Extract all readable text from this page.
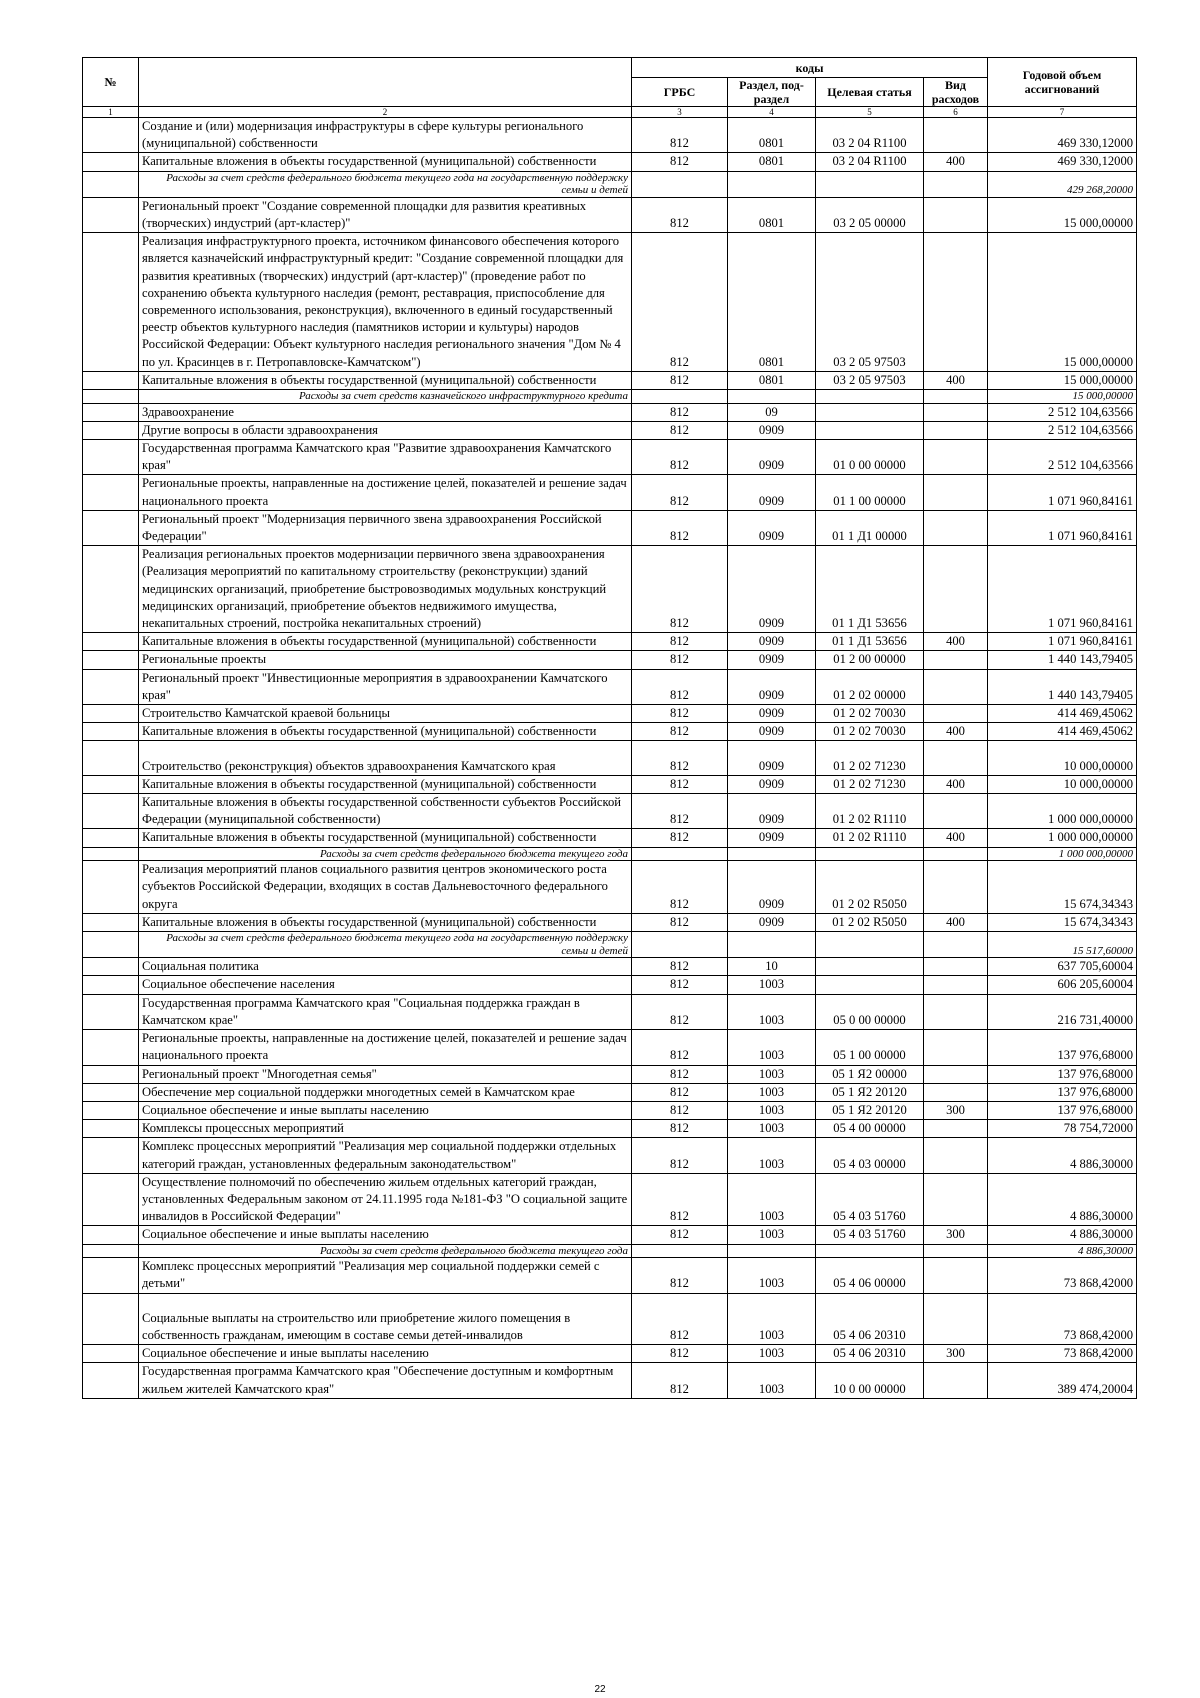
№		коды				Годовой объем ассигнований
		ГРБС	Раздел, под-раздел	Целевая статья	Вид расходов	
1	2	3	4	5	6	7
	Создание и (или) модернизация инфраструктуры в сфере культуры регионального (муниципальной) собственности	812	0801	03 2 04 R1100		469 330,12000
	Капитальные вложения в объекты государственной (муниципальной) собственности	812	0801	03 2 04 R1100	400	469 330,12000
	Расходы за счет средств федерального бюджета текущего года на государственную поддержку семьи и детей					429 268,20000
	Региональный проект "Создание современной площадки для развития креативных (творческих) индустрий (арт-кластер)"	812	0801	03 2 05 00000		15 000,00000
	Реализация инфраструктурного проекта, источником финансового обеспечения которого является казначейский инфраструктурный кредит: "Создание современной площадки для развития креативных (творческих) индустрий (арт-кластер)" (проведение работ по сохранению объекта культурного наследия (ремонт, реставрация, приспособление для современного использования, реконструкция), включенного в единый государственный реестр объектов культурного наследия (памятников истории и культуры) народов Российской Федерации: Объект культурного наследия регионального значения "Дом № 4 по ул. Красинцев в г. Петропавловске-Камчатском")	812	0801	03 2 05 97503		15 000,00000
	Капитальные вложения в объекты государственной (муниципальной) собственности	812	0801	03 2 05 97503	400	15 000,00000
	Расходы за счет средств казначейского инфраструктурного кредита					15 000,00000
	Здравоохранение	812	09			2 512 104,63566
	Другие вопросы в области здравоохранения	812	0909			2 512 104,63566
	Государственная программа Камчатского края "Развитие здравоохранения Камчатского края"	812	0909	01 0 00 00000		2 512 104,63566
	Региональные проекты, направленные на достижение целей, показателей и решение задач национального проекта	812	0909	01 1 00 00000		1 071 960,84161
	Региональный проект "Модернизация первичного звена здравоохранения Российской Федерации"	812	0909	01 1 Д1 00000		1 071 960,84161
	Реализация региональных проектов модернизации первичного звена здравоохранения (Реализация мероприятий по капитальному строительству (реконструкции) зданий медицинских организаций, приобретение быстровозводимых модульных конструкций медицинских организаций, приобретение объектов недвижимого имущества, некапитальных строений, постройка некапитальных строений)	812	0909	01 1 Д1 53656		1 071 960,84161
	Капитальные вложения в объекты государственной (муниципальной) собственности	812	0909	01 1 Д1 53656	400	1 071 960,84161
	Региональные проекты	812	0909	01 2 00 00000		1 440 143,79405
	Региональный проект "Инвестиционные мероприятия в здравоохранении Камчатского края"	812	0909	01 2 02 00000		1 440 143,79405
	Строительство Камчатской краевой больницы	812	0909	01 2 02 70030		414 469,45062
	Капитальные вложения в объекты государственной (муниципальной) собственности	812	0909	01 2 02 70030	400	414 469,45062
	Строительство (реконструкция) объектов здравоохранения Камчатского края	812	0909	01 2 02 71230		10 000,00000
	Капитальные вложения в объекты государственной (муниципальной) собственности	812	0909	01 2 02 71230	400	10 000,00000
	Капитальные вложения в объекты государственной собственности субъектов Российской Федерации (муниципальной собственности)	812	0909	01 2 02 R1110		1 000 000,00000
	Капитальные вложения в объекты государственной (муниципальной) собственности	812	0909	01 2 02 R1110	400	1 000 000,00000
	Расходы за счет средств федерального бюджета текущего года					1 000 000,00000
	Реализация мероприятий планов социального развития центров экономического роста субъектов Российской Федерации, входящих в состав Дальневосточного федерального округа	812	0909	01 2 02 R5050		15 674,34343
	Капитальные вложения в объекты государственной (муниципальной) собственности	812	0909	01 2 02 R5050	400	15 674,34343
	Расходы за счет средств федерального бюджета текущего года на государственную поддержку семьи и детей					15 517,60000
	Социальная политика	812	10			637 705,60004
	Социальное обеспечение населения	812	1003			606 205,60004
	Государственная программа Камчатского края "Социальная поддержка граждан в Камчатском крае"	812	1003	05 0 00 00000		216 731,40000
	Региональные проекты, направленные на достижение целей, показателей и решение задач национального проекта	812	1003	05 1 00 00000		137 976,68000
	Региональный проект "Многодетная семья"	812	1003	05 1 Я2 00000		137 976,68000
	Обеспечение мер социальной поддержки многодетных семей в Камчатском крае	812	1003	05 1 Я2 20120		137 976,68000
	Социальное обеспечение и иные выплаты населению	812	1003	05 1 Я2 20120	300	137 976,68000
	Комплексы процессных мероприятий	812	1003	05 4 00 00000		78 754,72000
	Комплекс процессных мероприятий "Реализация мер социальной поддержки отдельных категорий граждан, установленных федеральным законодательством"	812	1003	05 4 03 00000		4 886,30000
	Осуществление полномочий по обеспечению жильем отдельных категорий граждан, установленных Федеральным законом от 24.11.1995 года №181-ФЗ "О социальной защите инвалидов в Российской Федерации"	812	1003	05 4 03 51760		4 886,30000
	Социальное обеспечение и иные выплаты населению	812	1003	05 4 03 51760	300	4 886,30000
	Расходы за счет средств федерального бюджета текущего года					4 886,30000
	Комплекс процессных мероприятий "Реализация мер социальной поддержки семей с детьми"	812	1003	05 4 06 00000		73 868,42000
	Социальные выплаты на строительство или приобретение жилого помещения в собственность гражданам, имеющим в составе семьи детей-инвалидов	812	1003	05 4 06 20310		73 868,42000
	Социальное обеспечение и иные выплаты населению	812	1003	05 4 06 20310	300	73 868,42000
	Государственная программа Камчатского края "Обеспечение доступным и комфортным жильем жителей Камчатского края"	812	1003	10 0 00 00000		389 474,20004
22
